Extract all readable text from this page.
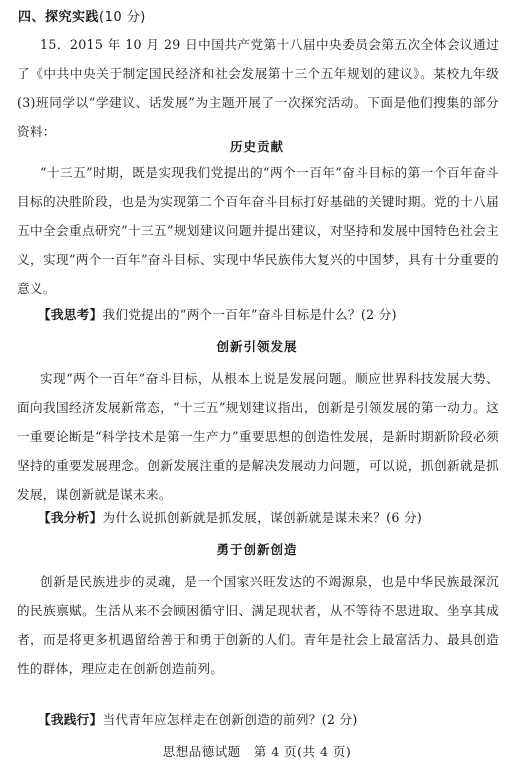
四、探究实践(10 分)

15．2015 年 10 月 29 日中国共产党第十八届中央委员会第五次全体会议通过了《中共中央关于制定国民经济和社会发展第十三个五年规划的建议》。某校九年级(3)班同学以“学建议、话发展”为主题开展了一次探究活动。下面是他们搜集的部分资料：

历史贡献

“十三五”时期，既是实现我们党提出的“两个一百年”奋斗目标的第一个百年奋斗目标的决胜阶段，也是为实现第二个百年奋斗目标打好基础的关键时期。党的十八届五中全会重点研究“十三五”规划建议问题并提出建议，对坚持和发展中国特色社会主义，实现“两个一百年”奋斗目标、实现中华民族伟大复兴的中国梦，具有十分重要的意义。

【我思考】我们党提出的“两个一百年”奋斗目标是什么？(2 分)

创新引领发展

实现“两个一百年”奋斗目标，从根本上说是发展问题。顺应世界科技发展大势、面向我国经济发展新常态，“十三五”规划建议指出，创新是引领发展的第一动力。这一重要论断是“科学技术是第一生产力”重要思想的创造性发展，是新时期新阶段必须坚持的重要发展理念。创新发展注重的是解决发展动力问题，可以说，抓创新就是抓发展，谋创新就是谋未来。

【我分析】为什么说抓创新就是抓发展，谋创新就是谋未来？(6 分)

勇于创新创造

创新是民族进步的灵魂，是一个国家兴旺发达的不竭源泉，也是中华民族最深沉的民族禀赋。生活从来不会顾困循守旧、满足现状者，从不等待不思进取、坐享其成者，而是将更多机遇留给善于和勇于创新的人们。青年是社会上最富活力、最具创造性的群体，理应走在创新创造前列。

【我践行】当代青年应怎样走在创新创造的前列？(2 分)

思想品德试题　第 4 页(共 4 页)
